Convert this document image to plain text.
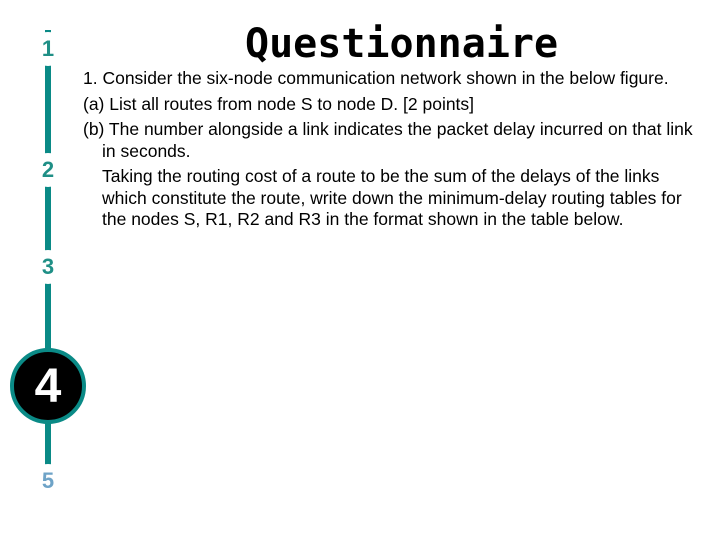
1
2
3
4
5
Questionnaire

1. Consider the six-node communication network shown in the below figure.

(a) List all routes from node S to node D. [2 points]

(b) The number alongside a link indicates the packet delay incurred on that link in seconds.

Taking the routing cost of a route to be the sum of the delays of the links which constitute the route, write down the minimum-delay routing tables for the nodes S, R1, R2 and R3 in the format shown in the table below.
